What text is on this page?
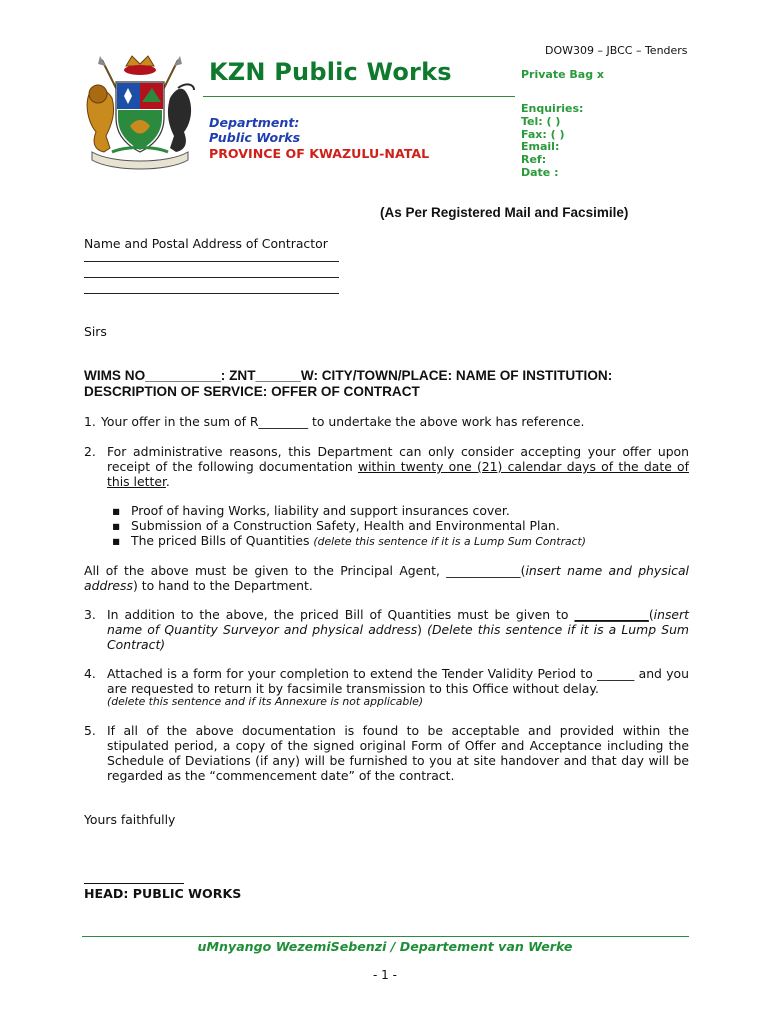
DOW309 – JBCC – Tenders
KZN Public Works
Department:
Public Works
PROVINCE OF KWAZULU-NATAL
Private Bag x
Enquiries:
Tel: ( )
Fax: ( )
Email:
Ref:
Date :
(As Per Registered Mail and Facsimile)
Name and Postal Address of Contractor
Sirs
WIMS NO__________: ZNT______W: CITY/TOWN/PLACE: NAME OF INSTITUTION:
DESCRIPTION OF SERVICE: OFFER OF CONTRACT
1. Your offer in the sum of R________ to undertake the above work has reference.
2. For administrative reasons, this Department can only consider accepting your offer upon receipt of the following documentation within twenty one (21) calendar days of the date of this letter.
▪ Proof of having Works, liability and support insurances cover.
▪ Submission of a Construction Safety, Health and Environmental Plan.
▪ The priced Bills of Quantities (delete this sentence if it is a Lump Sum Contract)
All of the above must be given to the Principal Agent, ____________(insert name and physical address) to hand to the Department.
3. In addition to the above, the priced Bill of Quantities must be given to ____________(insert name of Quantity Surveyor and physical address) (Delete this sentence if it is a Lump Sum Contract)
4. Attached is a form for your completion to extend the Tender Validity Period to ______ and you are requested to return it by facsimile transmission to this Office without delay.
(delete this sentence and if its Annexure is not applicable)
5. If all of the above documentation is found to be acceptable and provided within the stipulated period, a copy of the signed original Form of Offer and Acceptance including the Schedule of Deviations (if any) will be furnished to you at site handover and that day will be regarded as the “commencement date” of the contract.
Yours faithfully
HEAD: PUBLIC WORKS
uMnyango WezemiSebenzi / Departement van Werke
- 1 -
